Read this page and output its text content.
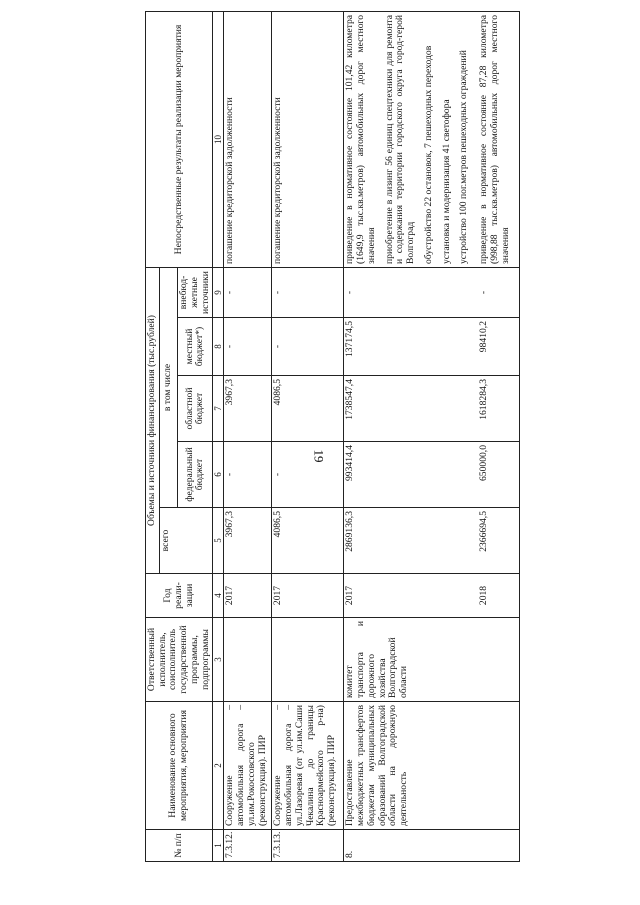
19
№ п/п	Наименование основного мероприятия, мероприятия	Ответственный исполнитель, соисполнитель государственной программы, подпрограммы	Год реали-зации	Объемы и источники финансирования (тыс.рублей)					Непосредственные результаты реализации мероприятия
				всего	в том числе				
					федеральный бюджет	областной бюджет	местный бюджет*)	внебюд-жетные источники	
1	2	3	4	5	6	7	8	9	10
7.3.12.	Сооружение – автомобильная дорога – ул.им.Рокоссовского (реконструкция). ПИР		2017	3967,3	-	3967,3	-	-	погашение кредиторской задолженности

7.3.13.	Сооружение – автомобильная дорога – ул.Лазоревая (от ул.им.Саши Чекалина до границы Красноармейского р-на) (реконструкция). ПИР		2017	4086,5	-	4086,5	-	-	погашение кредиторской задолженности

8.	Предоставление межбюджетных трансфертов бюджетам муниципальных образований Волгоградской области на дорожную деятельность	комитет транспорта и дорожного хозяйства Волгоградской области	2017	2869136,3	993414,4	1738547,4	137174,5	-	приведение в нормативное состояние 101,42 километра (1649,9 тыс.кв.метров) автомобильных дорог местного значения приобретение в лизинг 56 единиц спецтехники для ремонта и содержания территории городского округа город-герой Волгоград обустройство 22 остановок, 7 пешеходных переходов установка и модернизация 41 светофора устройство 100 пог.метров пешеходных ограждений

			2018	2366694,5	650000,0	1618284,3	98410,2	-	приведение в нормативное состояние 87,28 километра (998,88 тыс.кв.метров) автомобильных дорог местного значения
